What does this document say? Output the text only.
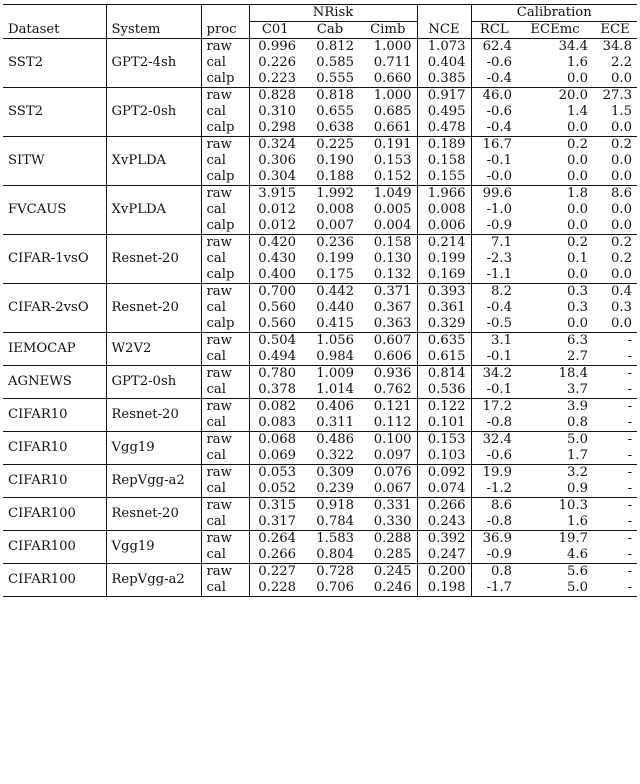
			NRisk				Calibration		
Dataset	System	proc	C01	Cab	Cimb	NCE	RCL	ECEmc	ECE
SST2	GPT2-4sh	raw	0.996	0.812	1.000	1.073	62.4	34.4	34.8
		cal	0.226	0.585	0.711	0.404	-0.6	1.6	2.2
		calp	0.223	0.555	0.660	0.385	-0.4	0.0	0.0
SST2	GPT2-0sh	raw	0.828	0.818	1.000	0.917	46.0	20.0	27.3
		cal	0.310	0.655	0.685	0.495	-0.6	1.4	1.5
		calp	0.298	0.638	0.661	0.478	-0.4	0.0	0.0
SITW	XvPLDA	raw	0.324	0.225	0.191	0.189	16.7	0.2	0.2
		cal	0.306	0.190	0.153	0.158	-0.1	0.0	0.0
		calp	0.304	0.188	0.152	0.155	-0.0	0.0	0.0
FVCAUS	XvPLDA	raw	3.915	1.992	1.049	1.966	99.6	1.8	8.6
		cal	0.012	0.008	0.005	0.008	-1.0	0.0	0.0
		calp	0.012	0.007	0.004	0.006	-0.9	0.0	0.0
CIFAR-1vsO	Resnet-20	raw	0.420	0.236	0.158	0.214	7.1	0.2	0.2
		cal	0.430	0.199	0.130	0.199	-2.3	0.1	0.2
		calp	0.400	0.175	0.132	0.169	-1.1	0.0	0.0
CIFAR-2vsO	Resnet-20	raw	0.700	0.442	0.371	0.393	8.2	0.3	0.4
		cal	0.560	0.440	0.367	0.361	-0.4	0.3	0.3
		calp	0.560	0.415	0.363	0.329	-0.5	0.0	0.0
IEMOCAP	W2V2	raw	0.504	1.056	0.607	0.635	3.1	6.3	-
		cal	0.494	0.984	0.606	0.615	-0.1	2.7	-
AGNEWS	GPT2-0sh	raw	0.780	1.009	0.936	0.814	34.2	18.4	-
		cal	0.378	1.014	0.762	0.536	-0.1	3.7	-
CIFAR10	Resnet-20	raw	0.082	0.406	0.121	0.122	17.2	3.9	-
		cal	0.083	0.311	0.112	0.101	-0.8	0.8	-
CIFAR10	Vgg19	raw	0.068	0.486	0.100	0.153	32.4	5.0	-
		cal	0.069	0.322	0.097	0.103	-0.6	1.7	-
CIFAR10	RepVgg-a2	raw	0.053	0.309	0.076	0.092	19.9	3.2	-
		cal	0.052	0.239	0.067	0.074	-1.2	0.9	-
CIFAR100	Resnet-20	raw	0.315	0.918	0.331	0.266	8.6	10.3	-
		cal	0.317	0.784	0.330	0.243	-0.8	1.6	-
CIFAR100	Vgg19	raw	0.264	1.583	0.288	0.392	36.9	19.7	-
		cal	0.266	0.804	0.285	0.247	-0.9	4.6	-
CIFAR100	RepVgg-a2	raw	0.227	0.728	0.245	0.200	0.8	5.6	-
		cal	0.228	0.706	0.246	0.198	-1.7	5.0	-
